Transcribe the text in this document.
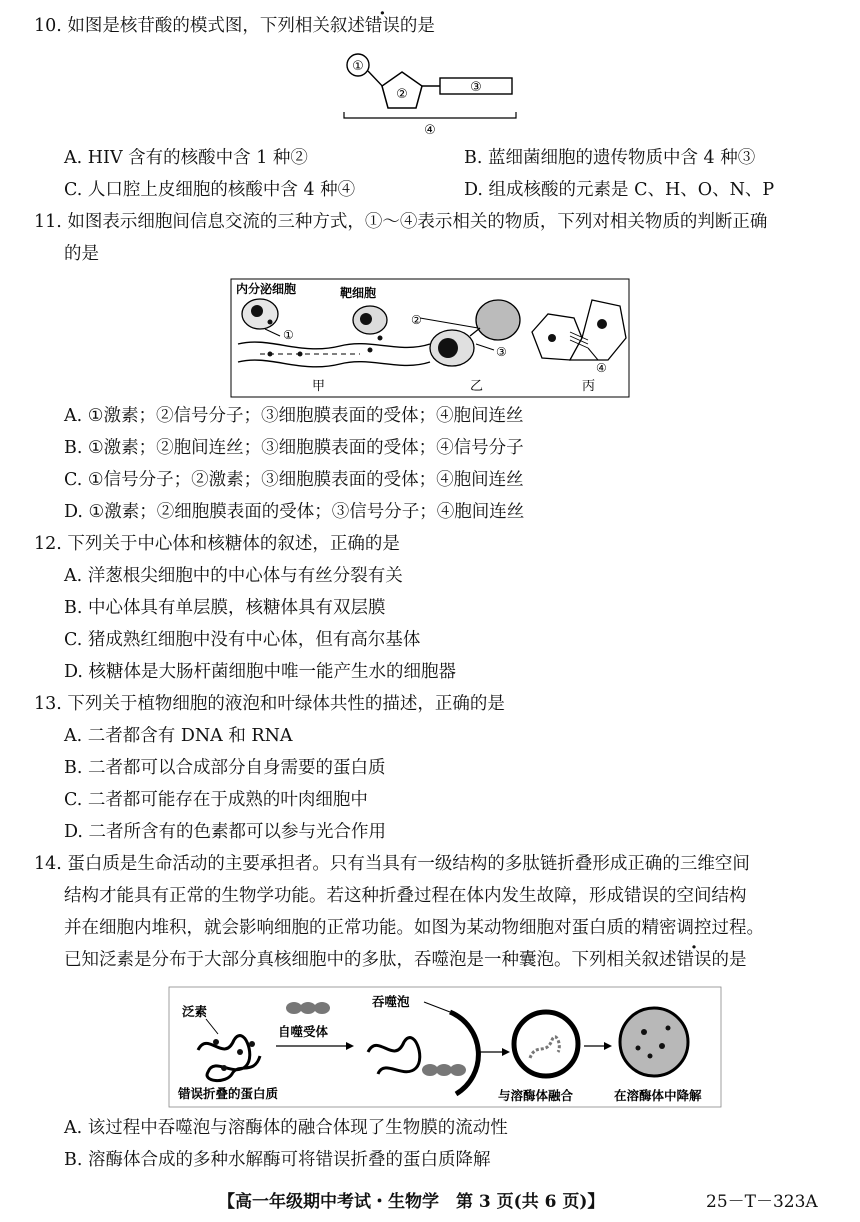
10. 如图是核苷酸的模式图，下列相关叙述错误的是
①
②	③
④
A. HIV 含有的核酸中含 1 种②	B. 蓝细菌细胞的遗传物质中含 4 种③
C. 人口腔上皮细胞的核酸中含 4 种④	D. 组成核酸的元素是 C、H、O、N、P
11. 如图表示细胞间信息交流的三种方式，①～④表示相关的物质，下列对相关物质的判断正确
的是
内分泌细胞	靶细胞
①
甲
②
③
乙
④
丙
A. ①激素；②信号分子；③细胞膜表面的受体；④胞间连丝
B. ①激素；②胞间连丝；③细胞膜表面的受体；④信号分子
C. ①信号分子；②激素；③细胞膜表面的受体；④胞间连丝
D. ①激素；②细胞膜表面的受体；③信号分子；④胞间连丝
12. 下列关于中心体和核糖体的叙述，正确的是
A. 洋葱根尖细胞中的中心体与有丝分裂有关
B. 中心体具有单层膜，核糖体具有双层膜
C. 猪成熟红细胞中没有中心体，但有高尔基体
D. 核糖体是大肠杆菌细胞中唯一能产生水的细胞器
13. 下列关于植物细胞的液泡和叶绿体共性的描述，正确的是
A. 二者都含有 DNA 和 RNA
B. 二者都可以合成部分自身需要的蛋白质
C. 二者都可能存在于成熟的叶肉细胞中
D. 二者所含有的色素都可以参与光合作用
14. 蛋白质是生命活动的主要承担者。只有当具有一级结构的多肽链折叠形成正确的三维空间
结构才能具有正常的生物学功能。若这种折叠过程在体内发生故障，形成错误的空间结构
并在细胞内堆积，就会影响细胞的正常功能。如图为某动物细胞对蛋白质的精密调控过程。
已知泛素是分布于大部分真核细胞中的多肽，吞噬泡是一种囊泡。下列相关叙述错误的是
泛素
错误折叠的蛋白质
自噬受体
吞噬泡
与溶酶体融合	在溶酶体中降解
A. 该过程中吞噬泡与溶酶体的融合体现了生物膜的流动性
B. 溶酶体合成的多种水解酶可将错误折叠的蛋白质降解
【高一年级期中考试・生物学　第 3 页(共 6 页)】	25－T－323A
